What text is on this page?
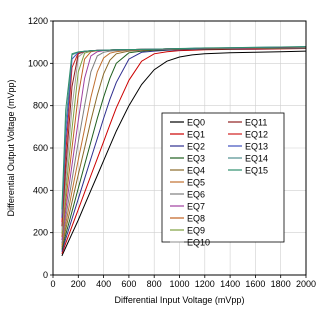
0 200 400 600 800 1000 1200 1400 1600 1800 2000
0
200
400
600
800
1000
1200
EQ0
EQ1
EQ2
EQ3
EQ4
EQ5
EQ6
EQ7
EQ8
EQ9
EQ10
EQ11
EQ12
EQ13
EQ14
EQ15
Differential Input Voltage (mVpp)
Differential Output Voltage (mVpp)
